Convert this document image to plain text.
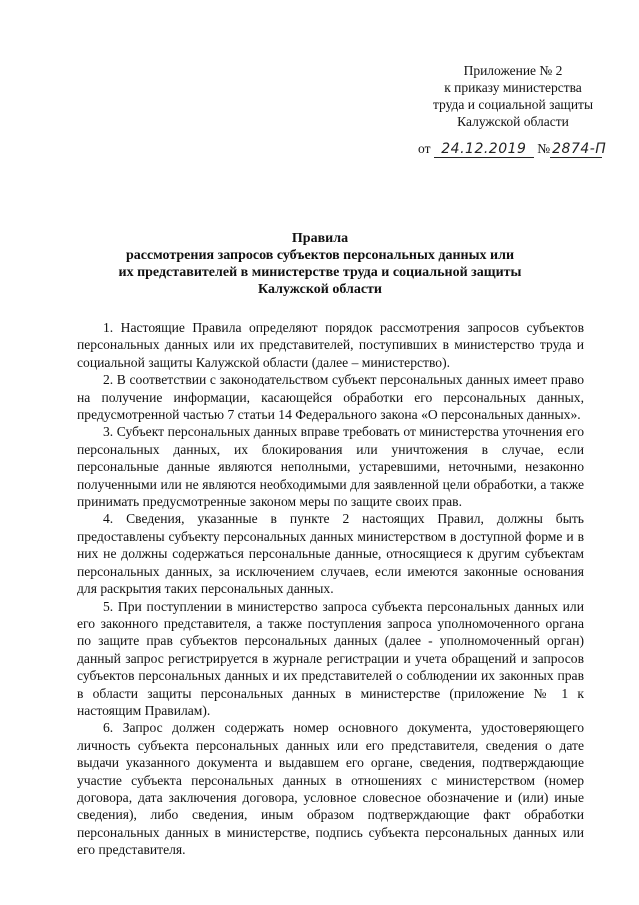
Приложение № 2
к приказу министерства
труда и социальной защиты
Калужской области
от 24.12.2019 № 2874-П
Правила
рассмотрения запросов субъектов персональных данных или
их представителей в министерстве труда и социальной защиты
Калужской области

1. Настоящие Правила определяют порядок рассмотрения запросов субъектов персональных данных или их представителей, поступивших в министерство труда и социальной защиты Калужской области (далее – министерство).

2. В соответствии с законодательством субъект персональных данных имеет право на получение информации, касающейся обработки его персональных данных, предусмотренной частью 7 статьи 14 Федерального закона «О персональных данных».

3. Субъект персональных данных вправе требовать от министерства уточнения его персональных данных, их блокирования или уничтожения в случае, если персональные данные являются неполными, устаревшими, неточными, незаконно полученными или не являются необходимыми для заявленной цели обработки, а также принимать предусмотренные законом меры по защите своих прав.

4. Сведения, указанные в пункте 2 настоящих Правил, должны быть предоставлены субъекту персональных данных министерством в доступной форме и в них не должны содержаться персональные данные, относящиеся к другим субъектам персональных данных, за исключением случаев, если имеются законные основания для раскрытия таких персональных данных.

5. При поступлении в министерство запроса субъекта персональных данных или его законного представителя, а также поступления запроса уполномоченного органа по защите прав субъектов персональных данных (далее - уполномоченный орган) данный запрос регистрируется в журнале регистрации и учета обращений и запросов субъектов персональных данных и их представителей о соблюдении их законных прав в области защиты персональных данных в министерстве (приложение № 1 к настоящим Правилам).

6. Запрос должен содержать номер основного документа, удостоверяющего личность субъекта персональных данных или его представителя, сведения о дате выдачи указанного документа и выдавшем его органе, сведения, подтверждающие участие субъекта персональных данных в отношениях с министерством (номер договора, дата заключения договора, условное словесное обозначение и (или) иные сведения), либо сведения, иным образом подтверждающие факт обработки персональных данных в министерстве, подпись субъекта персональных данных или его представителя.
